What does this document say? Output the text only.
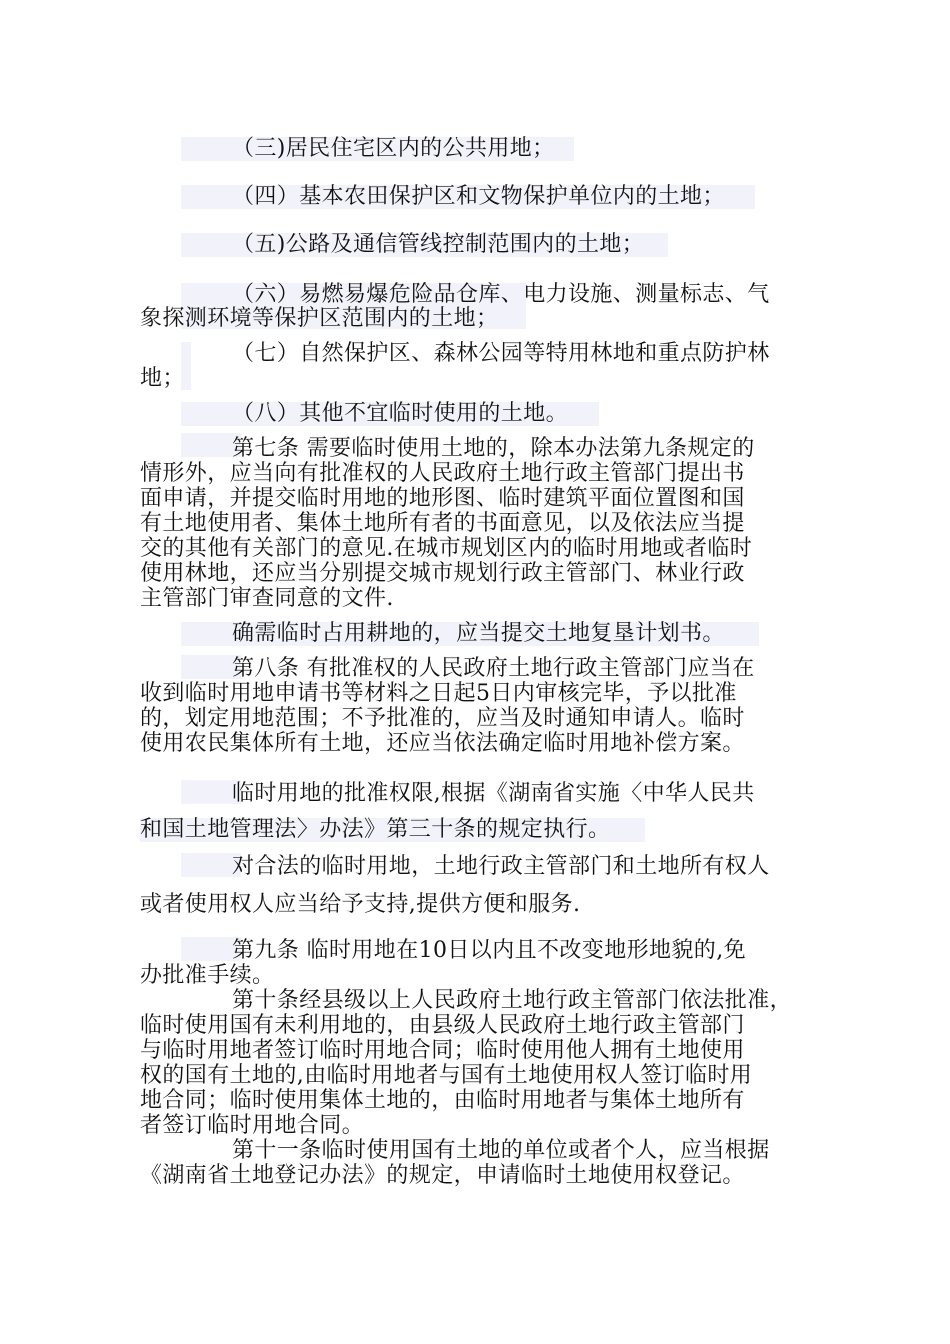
（三)居民住宅区内的公共用地；
（四）基本农田保护区和文物保护单位内的土地；
（五)公路及通信管线控制范围内的土地；
（六）易燃易爆危险品仓库、电力设施、测量标志、气
象探测环境等保护区范围内的土地；
（七）自然保护区、森林公园等特用林地和重点防护林
地；
（八）其他不宜临时使用的土地。
第七条 需要临时使用土地的，除本办法第九条规定的
情形外，应当向有批准权的人民政府土地行政主管部门提出书
面申请，并提交临时用地的地形图、临时建筑平面位置图和国
有土地使用者、集体土地所有者的书面意见，以及依法应当提
交的其他有关部门的意见.在城市规划区内的临时用地或者临时
使用林地，还应当分别提交城市规划行政主管部门、林业行政
主管部门审查同意的文件.
确需临时占用耕地的，应当提交土地复垦计划书。
第八条 有批准权的人民政府土地行政主管部门应当在
收到临时用地申请书等材料之日起5日内审核完毕，予以批准
的，划定用地范围；不予批准的，应当及时通知申请人。临时
使用农民集体所有土地，还应当依法确定临时用地补偿方案。
临时用地的批准权限,根据《湖南省实施〈中华人民共
和国土地管理法〉办法》第三十条的规定执行。
对合法的临时用地，土地行政主管部门和土地所有权人
或者使用权人应当给予支持,提供方便和服务.
第九条 临时用地在10日以内且不改变地形地貌的,免
办批准手续。
第十条经县级以上人民政府土地行政主管部门依法批准，
临时使用国有未利用地的，由县级人民政府土地行政主管部门
与临时用地者签订临时用地合同；临时使用他人拥有土地使用
权的国有土地的,由临时用地者与国有土地使用权人签订临时用
地合同；临时使用集体土地的，由临时用地者与集体土地所有
者签订临时用地合同。
第十一条临时使用国有土地的单位或者个人，应当根据
《湖南省土地登记办法》的规定，申请临时土地使用权登记。
